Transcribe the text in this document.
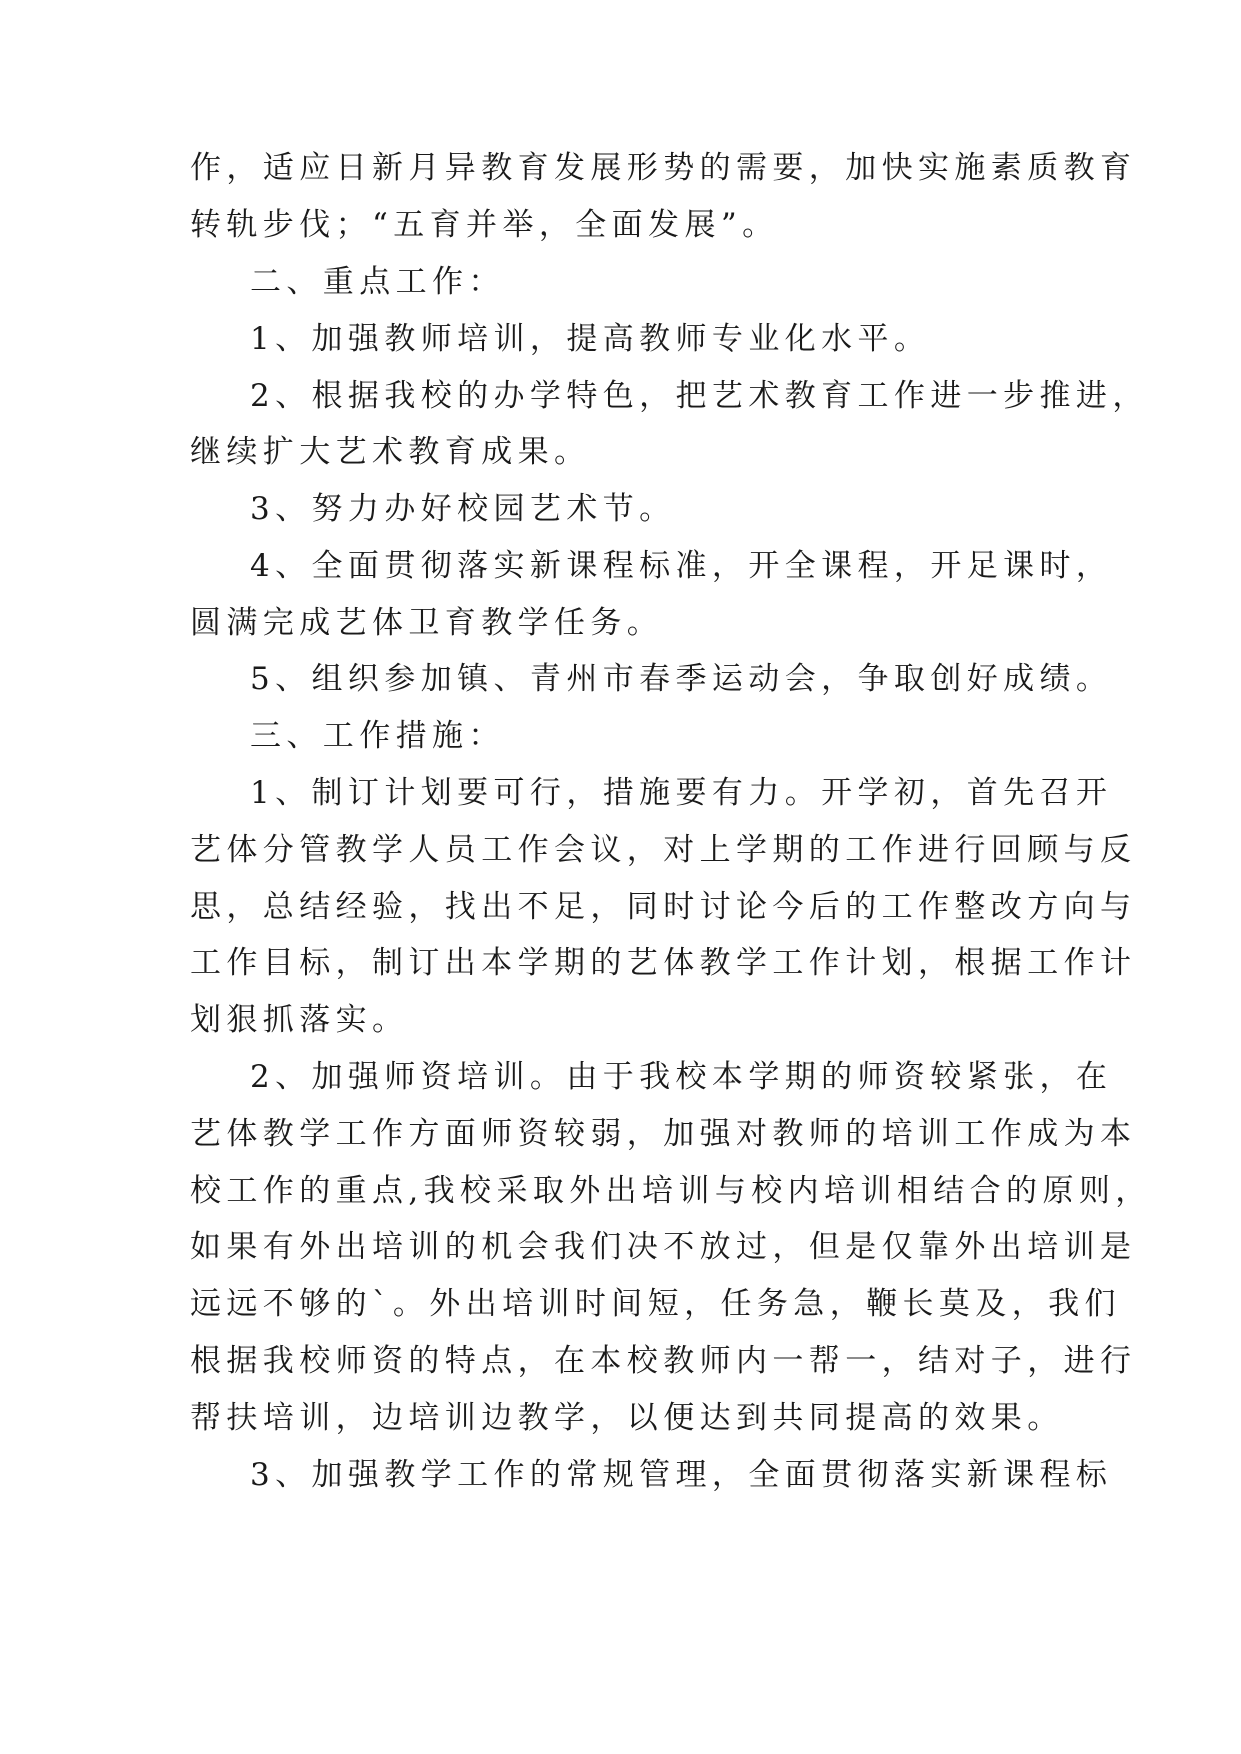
作，适应日新月异教育发展形势的需要，加快实施素质教育
转轨步伐；“五育并举，全面发展”。
二、重点工作：
1、加强教师培训，提高教师专业化水平。
2、根据我校的办学特色，把艺术教育工作进一步推进，
继续扩大艺术教育成果。
3、努力办好校园艺术节。
4、全面贯彻落实新课程标准，开全课程，开足课时，
圆满完成艺体卫育教学任务。
5、组织参加镇、青州市春季运动会，争取创好成绩。
三、工作措施：
1、制订计划要可行，措施要有力。开学初，首先召开
艺体分管教学人员工作会议，对上学期的工作进行回顾与反
思，总结经验，找出不足，同时讨论今后的工作整改方向与
工作目标，制订出本学期的艺体教学工作计划，根据工作计
划狠抓落实。
2、加强师资培训。由于我校本学期的师资较紧张，在
艺体教学工作方面师资较弱，加强对教师的培训工作成为本
校工作的重点,我校采取外出培训与校内培训相结合的原则，
如果有外出培训的机会我们决不放过，但是仅靠外出培训是
远远不够的`。外出培训时间短，任务急，鞭长莫及，我们
根据我校师资的特点，在本校教师内一帮一，结对子，进行
帮扶培训，边培训边教学，以便达到共同提高的效果。
3、加强教学工作的常规管理，全面贯彻落实新课程标
